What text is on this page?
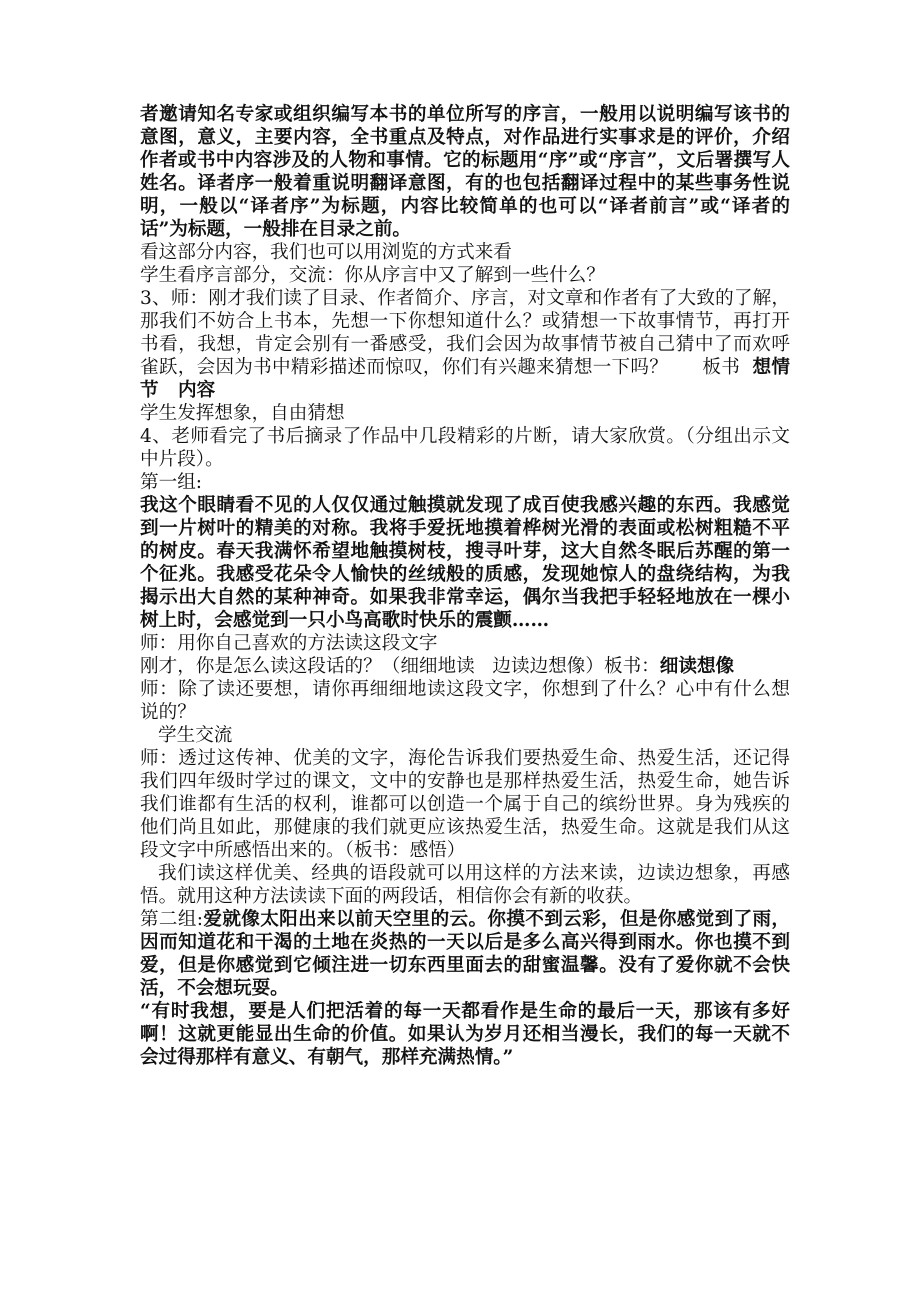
者邀请知名专家或组织编写本书的单位所写的序言，一般用以说明编写该书的意图，意义，主要内容，全书重点及特点，对作品进行实事求是的评价，介绍作者或书中内容涉及的人物和事情。它的标题用“序”或“序言”，文后署撰写人姓名。译者序一般着重说明翻译意图，有的也包括翻译过程中的某些事务性说明，一般以“译者序”为标题，内容比较简单的也可以“译者前言”或“译者的话”为标题，一般排在目录之前。

看这部分内容，我们也可以用浏览的方式来看

学生看序言部分，交流：你从序言中又了解到一些什么？

3、师：刚才我们读了目录、作者简介、序言，对文章和作者有了大致的了解，那我们不妨合上书本，先想一下你想知道什么？或猜想一下故事情节，再打开书看，我想，肯定会别有一番感受，我们会因为故事情节被自己猜中了而欢呼雀跃，会因为书中精彩描述而惊叹，你们有兴趣来猜想一下吗？ 板书 想情节   内容

学生发挥想象，自由猜想

4、老师看完了书后摘录了作品中几段精彩的片断，请大家欣赏。（分组出示文中片段）。

第一组:

我这个眼睛看不见的人仅仅通过触摸就发现了成百使我感兴趣的东西。我感觉到一片树叶的精美的对称。我将手爱抚地摸着桦树光滑的表面或松树粗糙不平的树皮。春天我满怀希望地触摸树枝，搜寻叶芽，这大自然冬眠后苏醒的第一个征兆。我感受花朵令人愉快的丝绒般的质感，发现她惊人的盘绕结构，为我揭示出大自然的某种神奇。如果我非常幸运，偶尔当我把手轻轻地放在一棵小树上时，会感觉到一只小鸟高歌时快乐的震颤……

师：用你自己喜欢的方法读这段文字

刚才，你是怎么读这段话的？（细细地读   边读边想像）板书：细读想像

师：除了读还要想，请你再细细地读这段文字，你想到了什么？心中有什么想说的？

学生交流

师：透过这传神、优美的文字，海伦告诉我们要热爱生命、热爱生活，还记得我们四年级时学过的课文，文中的安静也是那样热爱生活，热爱生命，她告诉我们谁都有生活的权利，谁都可以创造一个属于自己的缤纷世界。身为残疾的他们尚且如此，那健康的我们就更应该热爱生活，热爱生命。这就是我们从这段文字中所感悟出来的。（板书：感悟）

我们读这样优美、经典的语段就可以用这样的方法来读，边读边想象，再感悟。就用这种方法读读下面的两段话，相信你会有新的收获。

第二组:爱就像太阳出来以前天空里的云。你摸不到云彩，但是你感觉到了雨，因而知道花和干渴的土地在炎热的一天以后是多么高兴得到雨水。你也摸不到爱，但是你感觉到它倾注进一切东西里面去的甜蜜温馨。没有了爱你就不会快活，不会想玩耍。

“有时我想，要是人们把活着的每一天都看作是生命的最后一天，那该有多好啊！这就更能显出生命的价值。如果认为岁月还相当漫长，我们的每一天就不会过得那样有意义、有朝气，那样充满热情。”
